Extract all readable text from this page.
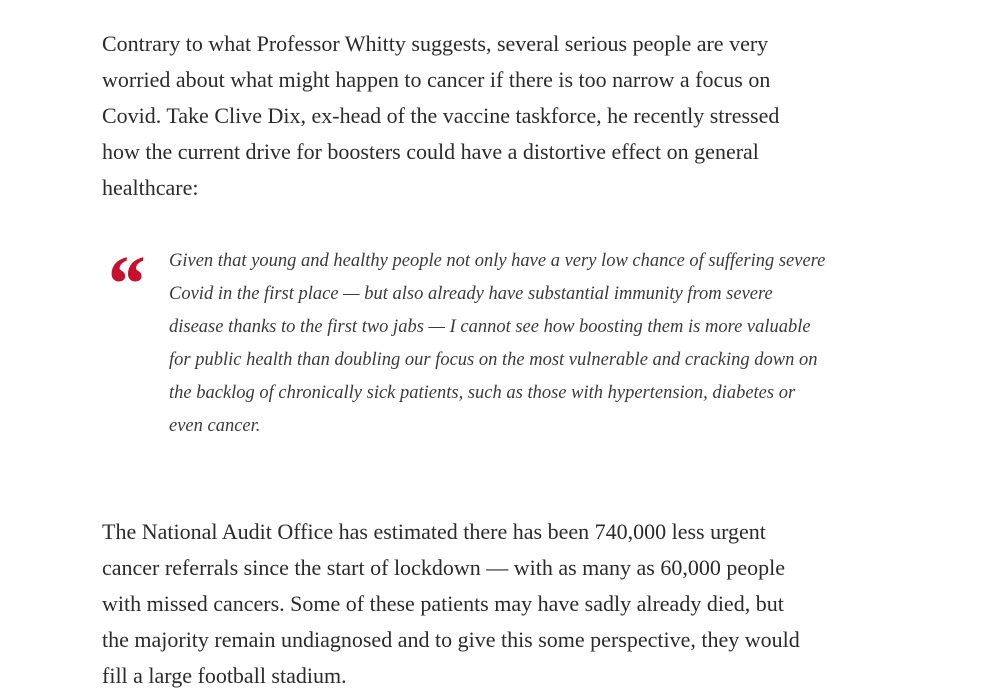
Contrary to what Professor Whitty suggests, several serious people are very
worried about what might happen to cancer if there is too narrow a focus on
Covid. Take Clive Dix, ex-head of the vaccine taskforce, he recently stressed
how the current drive for boosters could have a distortive effect on general
healthcare:

“ Given that young and healthy people not only have a very low chance of suffering severe
Covid in the first place — but also already have substantial immunity from severe
disease thanks to the first two jabs — I cannot see how boosting them is more valuable
for public health than doubling our focus on the most vulnerable and cracking down on
the backlog of chronically sick patients, such as those with hypertension, diabetes or
even cancer.

The National Audit Office has estimated there has been 740,000 less urgent
cancer referrals since the start of lockdown — with as many as 60,000 people
with missed cancers. Some of these patients may have sadly already died, but
the majority remain undiagnosed and to give this some perspective, they would
fill a large football stadium.
